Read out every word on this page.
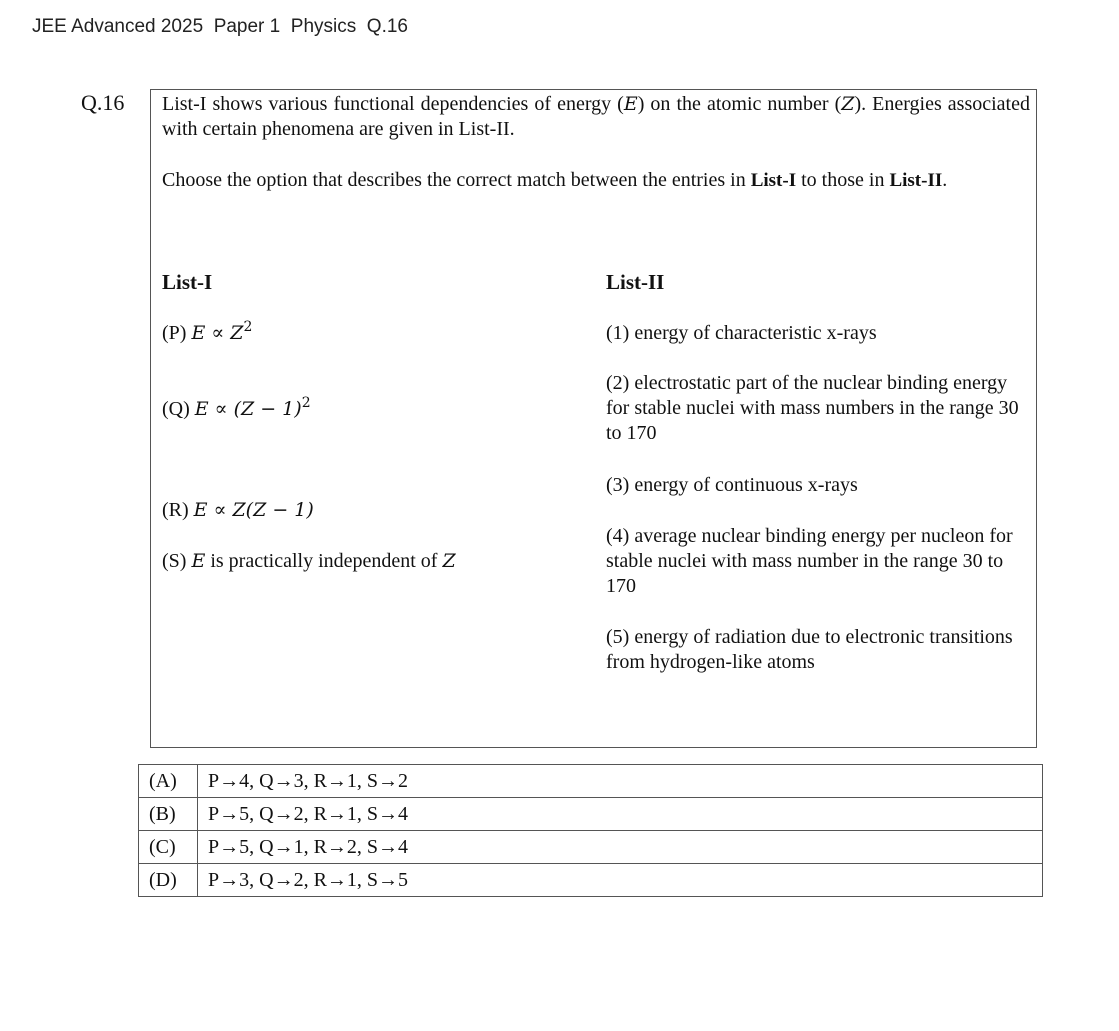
JEE Advanced 2025  Paper 1  Physics  Q.16
Q.16 List-I shows various functional dependencies of energy (E) on the atomic number (Z). Energies associated with certain phenomena are given in List-II.
Choose the option that describes the correct match between the entries in List-I to those in List-II.
List-I	List-II
(P) $E \propto Z^2$
(Q) $E \propto (Z - 1)^2$
(R) E ∝ Z(Z − 1)
(S) E is practically independent of Z
(1) energy of characteristic x-rays
(2) electrostatic part of the nuclear binding energy for stable nuclei with mass numbers in the range 30 to 170
(3) energy of continuous x-rays
(4) average nuclear binding energy per nucleon for stable nuclei with mass number in the range 30 to 170
(5) energy of radiation due to electronic transitions from hydrogen-like atoms
(A)	P→4, Q→3, R→1, S→2
(B)	P→5, Q→2, R→1, S→4
(C)	P→5, Q→1, R→2, S→4
(D)	P→3, Q→2, R→1, S→5
